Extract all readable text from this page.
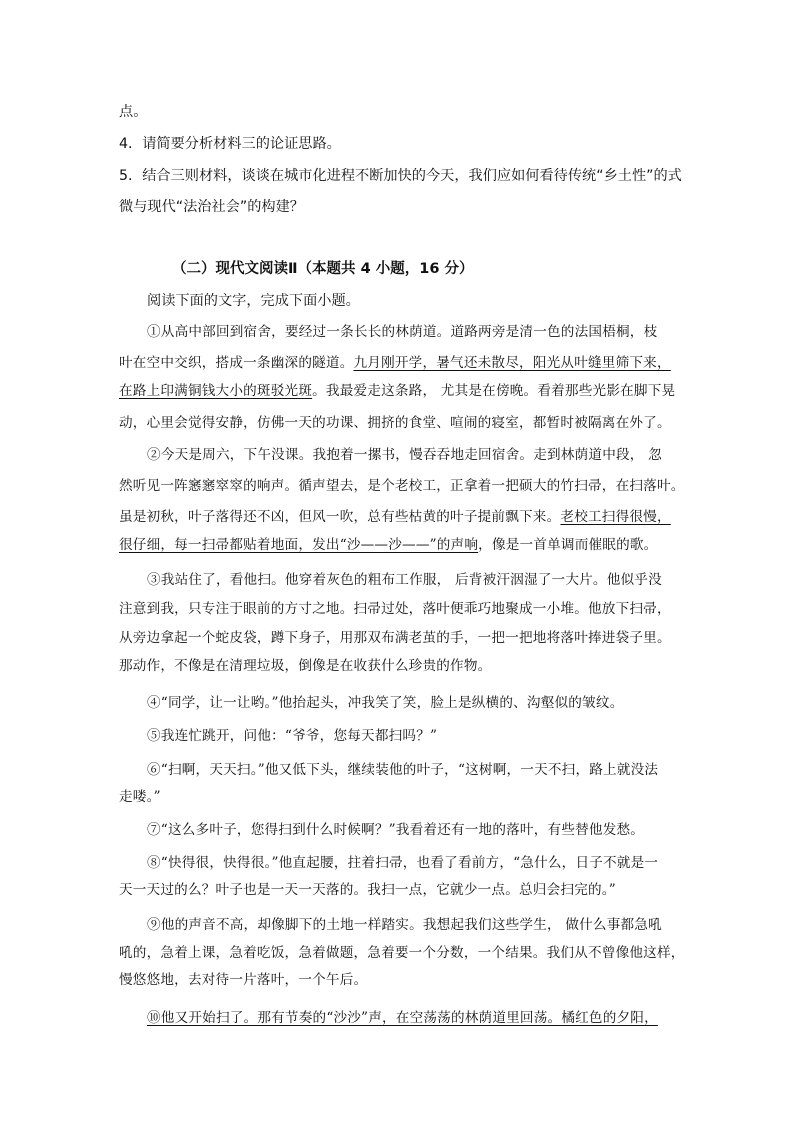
点。
4．请简要分析材料三的论证思路。
5．结合三则材料，谈谈在城市化进程不断加快的今天，我们应如何看待传统“乡土性”的式
微与现代“法治社会”的构建？
（二）现代文阅读Ⅱ（本题共 4 小题，16 分）
阅读下面的文字，完成下面小题。
①从高中部回到宿舍，要经过一条长长的林荫道。道路两旁是清一色的法国梧桐，枝
叶在空中交织，搭成一条幽深的隧道。九月刚开学，暑气还未散尽，阳光从叶缝里筛下来，
在路上印满铜钱大小的斑驳光斑。我最爱走这条路， 尤其是在傍晚。看着那些光影在脚下晃
动，心里会觉得安静，仿佛一天的功课、拥挤的食堂、喧闹的寝室，都暂时被隔离在外了。
②今天是周六，下午没课。我抱着一摞书，慢吞吞地走回宿舍。走到林荫道中段， 忽
然听见一阵窸窸窣窣的响声。循声望去，是个老校工，正拿着一把硕大的竹扫帚，在扫落叶。
虽是初秋，叶子落得还不凶，但风一吹，总有些枯黄的叶子提前飘下来。老校工扫得很慢，
很仔细，每一扫帚都贴着地面，发出“沙——沙——”的声响，像是一首单调而催眠的歌。
③我站住了，看他扫。他穿着灰色的粗布工作服， 后背被汗洇湿了一大片。他似乎没
注意到我，只专注于眼前的方寸之地。扫帚过处，落叶便乖巧地聚成一小堆。他放下扫帚，
从旁边拿起一个蛇皮袋，蹲下身子，用那双布满老茧的手，一把一把地将落叶捧进袋子里。
那动作，不像是在清理垃圾，倒像是在收获什么珍贵的作物。
④“同学，让一让哟。”他抬起头，冲我笑了笑，脸上是纵横的、沟壑似的皱纹。
⑤我连忙跳开，问他：“爷爷，您每天都扫吗？”
⑥“扫啊，天天扫。”他又低下头，继续装他的叶子，“这树啊，一天不扫，路上就没法
走喽。”
⑦“这么多叶子，您得扫到什么时候啊？”我看着还有一地的落叶，有些替他发愁。
⑧“快得很，快得很。”他直起腰，拄着扫帚，也看了看前方，“急什么，日子不就是一
天一天过的么？叶子也是一天一天落的。我扫一点，它就少一点。总归会扫完的。”
⑨他的声音不高，却像脚下的土地一样踏实。我想起我们这些学生， 做什么事都急吼
吼的，急着上课，急着吃饭，急着做题，急着要一个分数，一个结果。我们从不曾像他这样，
慢悠悠地，去对待一片落叶，一个午后。
⑩他又开始扫了。那有节奏的“沙沙”声，在空荡荡的林荫道里回荡。橘红色的夕阳，
